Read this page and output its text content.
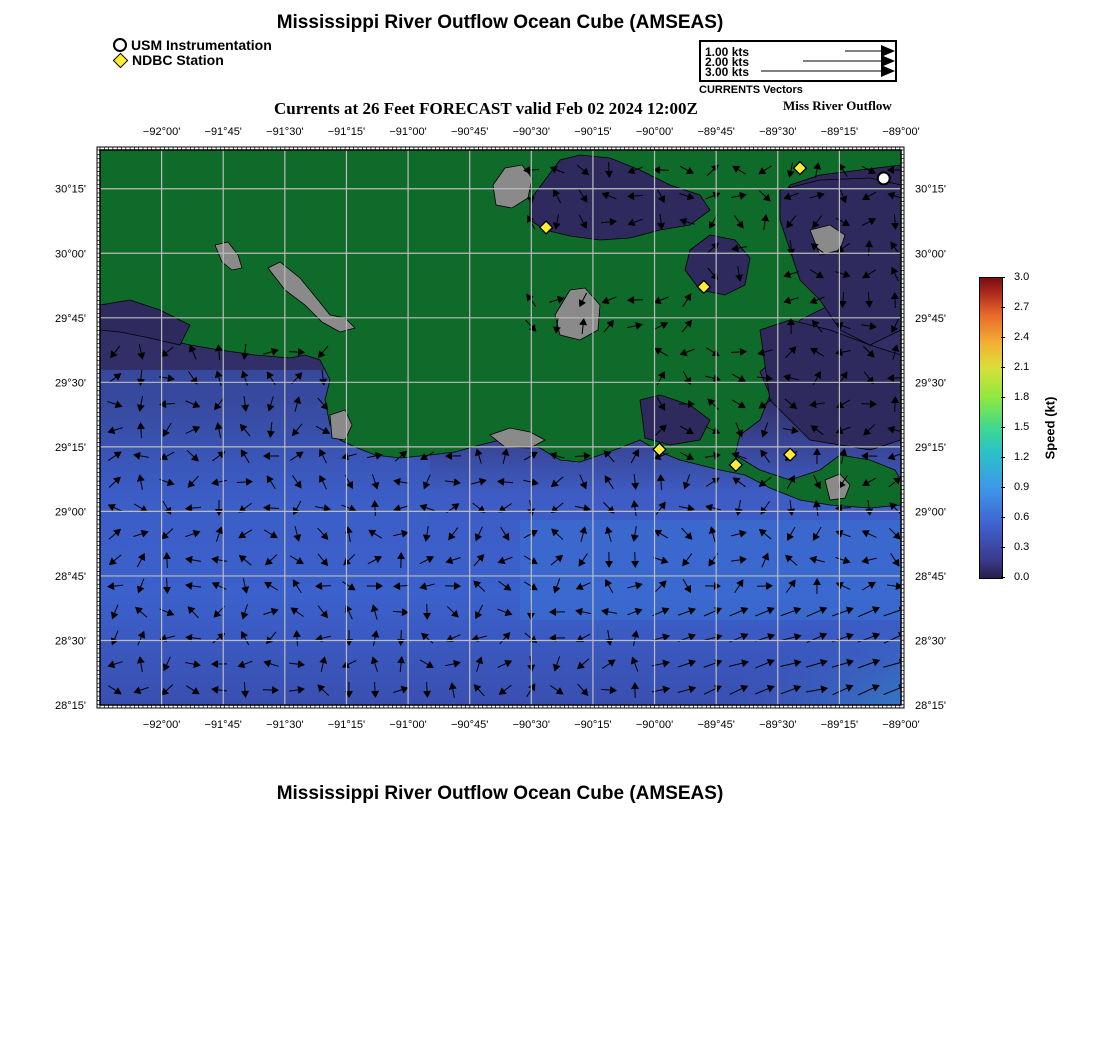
Mississippi River Outflow Ocean Cube (AMSEAS)
USM Instrumentation
NDBC Station	1.00 kts
2.00 kts
3.00 kts
CURRENTS Vectors
Currents at 26 Feet FORECAST valid Feb 02 2024 12:00Z	Miss River Outflow
−92°00'
−92°00'
−91°45'
−91°45'
−91°30'
−91°30'
−91°15'
−91°15'
−91°00'
−91°00'
−90°45'
−90°45'
−90°30'
−90°30'
−90°15'
−90°15'
−90°00'
−90°00'
−89°45'
−89°45'
−89°30'
−89°30'
−89°15'
−89°15'
−89°00'
−89°00'
30°15'	30°15'
30°00'	30°00'
29°45'	29°45'
29°30'	29°30'
29°15'	29°15'
29°00'	29°00'
28°45'	28°45'
28°30'	28°30'
28°15'	28°15'
3.0
2.7
2.4
2.1
1.8
1.5
1.2
0.9
0.6
0.3
0.0
Speed (kt)
Mississippi River Outflow Ocean Cube (AMSEAS)
